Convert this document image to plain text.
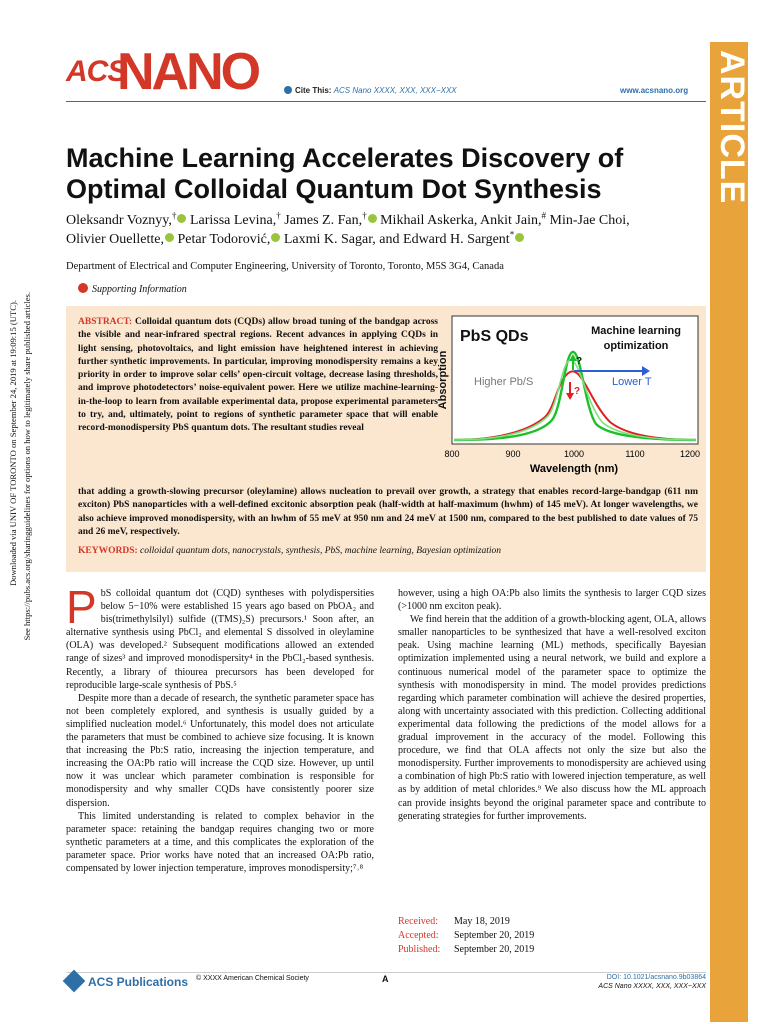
ACS
NANO	Cite This: ACS Nano XXXX, XXX, XXX−XXX	www.acsnano.org ARTICLE
Downloaded via UNIV OF TORONTO on September 24, 2019 at 19:09:15 (UTC). See https://pubs.acs.org/sharingguidelines for options on how to legitimately share published articles.
Machine Learning Accelerates Discovery of
Optimal Colloidal Quantum Dot Synthesis
Oleksandr Voznyy,† Larissa Levina,† James Z. Fan,† Mikhail Askerka, Ankit Jain,# Min-Jae Choi,
Olivier Ouellette, Petar Todorović, Laxmi K. Sagar, and Edward H. Sargent*
Department of Electrical and Computer Engineering, University of Toronto, Toronto, M5S 3G4, Canada
Supporting Information
ABSTRACT: Colloidal quantum dots (CQDs) allow broad tuning of the bandgap across the visible and near-infrared spectral regions. Recent advances in applying CQDs in light sensing, photovoltaics, and light emission have heightened interest in achieving further synthetic improvements. In particular, improving monodispersity remains a key priority in order to improve solar cells’ open-circuit voltage, decrease lasing thresholds, and improve photodetectors’ noise-equivalent power. Here we utilize machine-learning-in-the-loop to learn from available experimental data, propose experimental parameters to try, and, ultimately, point to regions of synthetic parameter space that will enable record-monodispersity PbS quantum dots. The resultant studies reveal
that adding a growth-slowing precursor (oleylamine) allows nucleation to prevail over growth, a strategy that enables record-large-bandgap (611 nm exciton) PbS nanoparticles with a well-defined excitonic absorption peak (half-width at half-maximum (hwhm) of 145 meV). At longer wavelengths, we also achieve improved monodispersity, with an hwhm of 55 meV at 950 nm and 24 meV at 1500 nm, compared to the best published to date values of 75 and 26 meV, respectively.
KEYWORDS: colloidal quantum dots, nanocrystals, synthesis, PbS, machine learning, Bayesian optimization
PbS QDs	Machine learning
optimization
Absorption	?
?
Higher Pb/S	Lower T
800	900	1000	1100	1200
Wavelength (nm)

PbS colloidal quantum dot (CQD) syntheses with polydispersities below 5−10% were established 15 years ago based on PbOA₂ and bis(trimethylsilyl) sulfide ((TMS)₂S) precursors.¹ Soon after, an alternative synthesis using PbCl₂ and elemental S dissolved in oleylamine (OLA) was developed.² Subsequent modifications allowed an extended range of sizes³ and improved monodispersity⁴ in the PbCl₂-based synthesis. Recently, a library of thiourea precursors has been developed for reproducible large-scale synthesis of PbS.⁵

Despite more than a decade of research, the synthetic parameter space has not been completely explored, and synthesis is usually guided by a simplified nucleation model.⁶ Unfortunately, this model does not articulate the parameters that must be combined to achieve size focusing. It is known that increasing the Pb:S ratio, increasing the injection temperature, and increasing the OA:Pb ratio will increase the CQD size. However, up until now it was unclear which parameter combination is responsible for monodispersity and why smaller CQDs have consistently poorer size dispersion.

This limited understanding is related to complex behavior in the parameter space: retaining the bandgap requires changing two or more synthetic parameters at a time, and this complicates the exploration of the parameter space. Prior works have noted that an increased OA:Pb ratio, compensated by lower injection temperature, improves monodispersity;⁷˒⁸

however, using a high OA:Pb also limits the synthesis to larger CQD sizes (>1000 nm exciton peak).

We find herein that the addition of a growth-blocking agent, OLA, allows smaller nanoparticles to be synthesized that have a well-resolved exciton peak. Using machine learning (ML) methods, specifically Bayesian optimization implemented using a neural network, we build and explore a continuous numerical model of the parameter space to optimize the synthesis with monodispersity in mind. The model provides predictions regarding which parameter combination will achieve the desired properties, along with uncertainty associated with this prediction. Collecting additional experimental data following the predictions of the model allows for a gradual improvement in the accuracy of the model. Following this procedure, we find that OLA affects not only the size but also the monodispersity. Further improvements to monodispersity are achieved using a combination of high Pb:S ratio with lowered injection temperature, as well as by addition of metal chlorides.⁹ We also discuss how the ML approach can provide insights beyond the original parameter space and contribute to generating strategies for further improvements.

Received: May 18, 2019
Accepted: September 20, 2019
Published: September 20, 2019
ACS Publications © XXXX American Chemical Society	A	DOI: 10.1021/acsnano.9b03864
ACS Nano XXXX, XXX, XXX−XXX
